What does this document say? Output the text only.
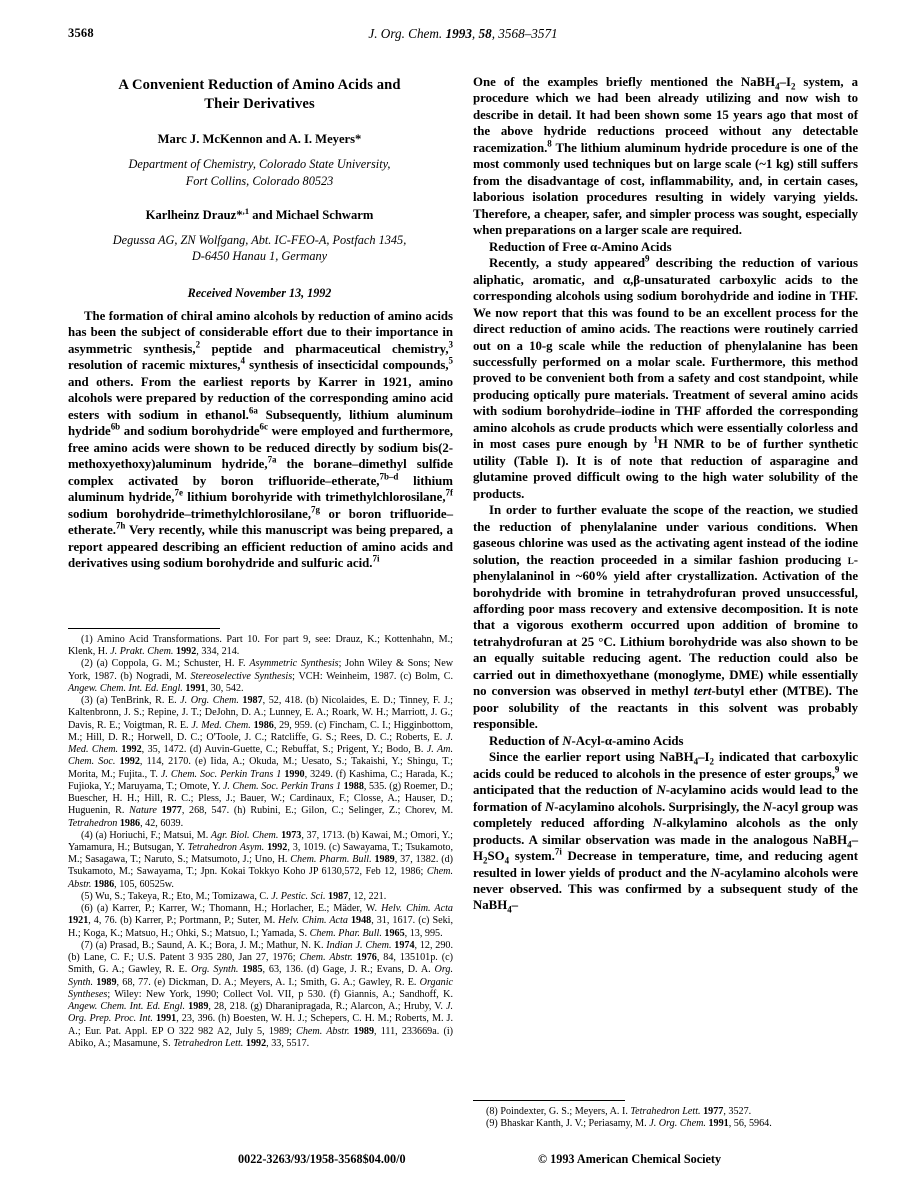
3568	J. Org. Chem. 1993, 58, 3568–3571
A Convenient Reduction of Amino Acids and
Their Derivatives
Marc J. McKennon and A. I. Meyers*
Department of Chemistry, Colorado State University,
Fort Collins, Colorado 80523
Karlheinz Drauz*$^{,1}$ and Michael Schwarm
Degussa AG, ZN Wolfgang, Abt. IC-FEO-A, Postfach 1345,
D-6450 Hanau 1, Germany
Received November 13, 1992

The formation of chiral amino alcohols by reduction of amino acids has been the subject of considerable effort due to their importance in asymmetric synthesis,$^2$ peptide and pharmaceutical chemistry,$^3$ resolution of racemic mixtures,$^4$ synthesis of insecticidal compounds,$^5$ and others. From the earliest reports by Karrer in 1921, amino alcohols were prepared by reduction of the corresponding amino acid esters with sodium in ethanol.$^{6a}$ Subsequently, lithium aluminum hydride$^{6b}$ and sodium borohydride$^{6c}$ were employed and furthermore, free amino acids were shown to be reduced directly by sodium bis(2-methoxyethoxy)aluminum hydride,$^{7a}$ the borane–dimethyl sulfide complex activated by boron trifluoride–etherate,$^{7b-d}$ lithium aluminum hydride,$^{7e}$ lithium borohyride with trimethylchlorosilane,$^{7f}$ sodium borohydride–trimethylchlorosilane,$^{7g}$ or boron trifluoride–etherate.$^{7h}$ Very recently, while this manuscript was being prepared, a report appeared describing an efficient reduction of amino acids and derivatives using sodium borohydride and sulfuric acid.$^{7i}$

(1) Amino Acid Transformations. Part 10. For part 9, see: Drauz, K.; Kottenhahn, M.; Klenk, H. J. Prakt. Chem. 1992, 334, 214.

(2) (a) Coppola, G. M.; Schuster, H. F. Asymmetric Synthesis; John Wiley & Sons; New York, 1987. (b) Nogradi, M. Stereoselective Synthesis; VCH: Weinheim, 1987. (c) Bolm, C. Angew. Chem. Int. Ed. Engl. 1991, 30, 542.

(3) (a) TenBrink, R. E. J. Org. Chem. 1987, 52, 418. (b) Nicolaides, E. D.; Tinney, F. J.; Kaltenbronn, J. S.; Repine, J. T.; DeJohn, D. A.; Lunney, E. A.; Roark, W. H.; Marriott, J. G.; Davis, R. E.; Voigtman, R. E. J. Med. Chem. 1986, 29, 959. (c) Fincham, C. I.; Higginbottom, M.; Hill, D. R.; Horwell, D. C.; O'Toole, J. C.; Ratcliffe, G. S.; Rees, D. C.; Roberts, E. J. Med. Chem. 1992, 35, 1472. (d) Auvin-Guette, C.; Rebuffat, S.; Prigent, Y.; Bodo, B. J. Am. Chem. Soc. 1992, 114, 2170. (e) Iida, A.; Okuda, M.; Uesato, S.; Takaishi, Y.; Shingu, T.; Morita, M.; Fujita., T. J. Chem. Soc. Perkin Trans 1 1990, 3249. (f) Kashima, C.; Harada, K.; Fujioka, Y.; Maruyama, T.; Omote, Y. J. Chem. Soc. Perkin Trans 1 1988, 535. (g) Roemer, D.; Buescher, H. H.; Hill, R. C.; Pless, J.; Bauer, W.; Cardinaux, F.; Closse, A.; Hauser, D.; Huguenin, R. Nature 1977, 268, 547. (h) Rubini, E.; Gilon, C.; Selinger, Z.; Chorev, M. Tetrahedron 1986, 42, 6039.

(4) (a) Horiuchi, F.; Matsui, M. Agr. Biol. Chem. 1973, 37, 1713. (b) Kawai, M.; Omori, Y.; Yamamura, H.; Butsugan, Y. Tetrahedron Asym. 1992, 3, 1019. (c) Sawayama, T.; Tsukamoto, M.; Sasagawa, T.; Naruto, S.; Matsumoto, J.; Uno, H. Chem. Pharm. Bull. 1989, 37, 1382. (d) Tsukamoto, M.; Sawayama, T.; Jpn. Kokai Tokkyo Koho JP 6130,572, Feb 12, 1986; Chem. Abstr. 1986, 105, 60525w.

(5) Wu, S.; Takeya, R.; Eto, M.; Tomizawa, C. J. Pestic. Sci. 1987, 12, 221.

(6) (a) Karrer, P.; Karrer, W.; Thomann, H.; Horlacher, E.; Mäder, W. Helv. Chim. Acta 1921, 4, 76. (b) Karrer, P.; Portmann, P.; Suter, M. Helv. Chim. Acta 1948, 31, 1617. (c) Seki, H.; Koga, K.; Matsuo, H.; Ohki, S.; Matsuo, I.; Yamada, S. Chem. Phar. Bull. 1965, 13, 995.

(7) (a) Prasad, B.; Saund, A. K.; Bora, J. M.; Mathur, N. K. Indian J. Chem. 1974, 12, 290. (b) Lane, C. F.; U.S. Patent 3 935 280, Jan 27, 1976; Chem. Abstr. 1976, 84, 135101p. (c) Smith, G. A.; Gawley, R. E. Org. Synth. 1985, 63, 136. (d) Gage, J. R.; Evans, D. A. Org. Synth. 1989, 68, 77. (e) Dickman, D. A.; Meyers, A. I.; Smith, G. A.; Gawley, R. E. Organic Syntheses; Wiley: New York, 1990; Collect Vol. VII, p 530. (f) Giannis, A.; Sandhoff, K. Angew. Chem. Int. Ed. Engl. 1989, 28, 218. (g) Dharanipragada, R.; Alarcon, A.; Hruby, V. J. Org. Prep. Proc. Int. 1991, 23, 396. (h) Boesten, W. H. J.; Schepers, C. H. M.; Roberts, M. J. A.; Eur. Pat. Appl. EP O 322 982 A2, July 5, 1989; Chem. Abstr. 1989, 111, 233669a. (i) Abiko, A.; Masamune, S. Tetrahedron Lett. 1992, 33, 5517.

One of the examples briefly mentioned the $NaBH_4-I_2$ system, a procedure which we had been already utilizing and now wish to describe in detail. It had been shown some 15 years ago that most of the above hydride reductions proceed without any detectable racemization.$^8$ The lithium aluminum hydride procedure is one of the most commonly used techniques but on large scale (~1 kg) still suffers from the disadvantage of cost, inflammability, and, in certain cases, laborious isolation procedures resulting in widely varying yields. Therefore, a cheaper, safer, and simpler process was sought, especially when preparations on a larger scale are required.

Reduction of Free α-Amino Acids

Recently, a study appeared$^9$ describing the reduction of various aliphatic, aromatic, and α,β-unsaturated carboxylic acids to the corresponding alcohols using sodium borohydride and iodine in THF. We now report that this was found to be an excellent process for the direct reduction of amino acids. The reactions were routinely carried out on a 10-g scale while the reduction of phenylalanine has been successfully performed on a molar scale. Furthermore, this method proved to be convenient both from a safety and cost standpoint, while producing optically pure materials. Treatment of several amino acids with sodium borohydride–iodine in THF afforded the corresponding amino alcohols as crude products which were essentially colorless and in most cases pure enough by $^1$H NMR to be of further synthetic utility (Table I). It is of note that reduction of asparagine and glutamine proved difficult owing to the high water solubility of the products.

In order to further evaluate the scope of the reaction, we studied the reduction of phenylalanine under various conditions. When gaseous chlorine was used as the activating agent instead of the iodine solution, the reaction proceeded in a similar fashion producing l-phenylalaninol in ~60% yield after crystallization. Activation of the borohydride with bromine in tetrahydrofuran proved unsuccessful, affording poor mass recovery and extensive decomposition. It is note that a vigorous exotherm occurred upon addition of bromine to tetrahydrofuran at 25 °C. Lithium borohydride was also shown to be an equally suitable reducing agent. The reduction could also be carried out in dimethoxyethane (monoglyme, DME) while essentially no conversion was observed in methyl tert-butyl ether (MTBE). The poor solubility of the reactants in this solvent was probably responsible.

Reduction of N-Acyl-α-amino Acids

Since the earlier report using $NaBH_4-I_2$ indicated that carboxylic acids could be reduced to alcohols in the presence of ester groups,$^9$ we anticipated that the reduction of N-acylamino acids would lead to the formation of N-acylamino alcohols. Surprisingly, the N-acyl group was completely reduced affording N-alkylamino alcohols as the only products. A similar observation was made in the analogous $NaBH_4-H_2SO_4$ system.$^{7i}$ Decrease in temperature, time, and reducing agent resulted in lower yields of product and the N-acylamino alcohols were never observed. This was confirmed by a subsequent study of the NaBH$_4$–

(8) Poindexter, G. S.; Meyers, A. I. Tetrahedron Lett. 1977, 3527.

(9) Bhaskar Kanth, J. V.; Periasamy, M. J. Org. Chem. 1991, 56, 5964.

0022-3263/93/1958-3568$04.00/0	© 1993 American Chemical Society
